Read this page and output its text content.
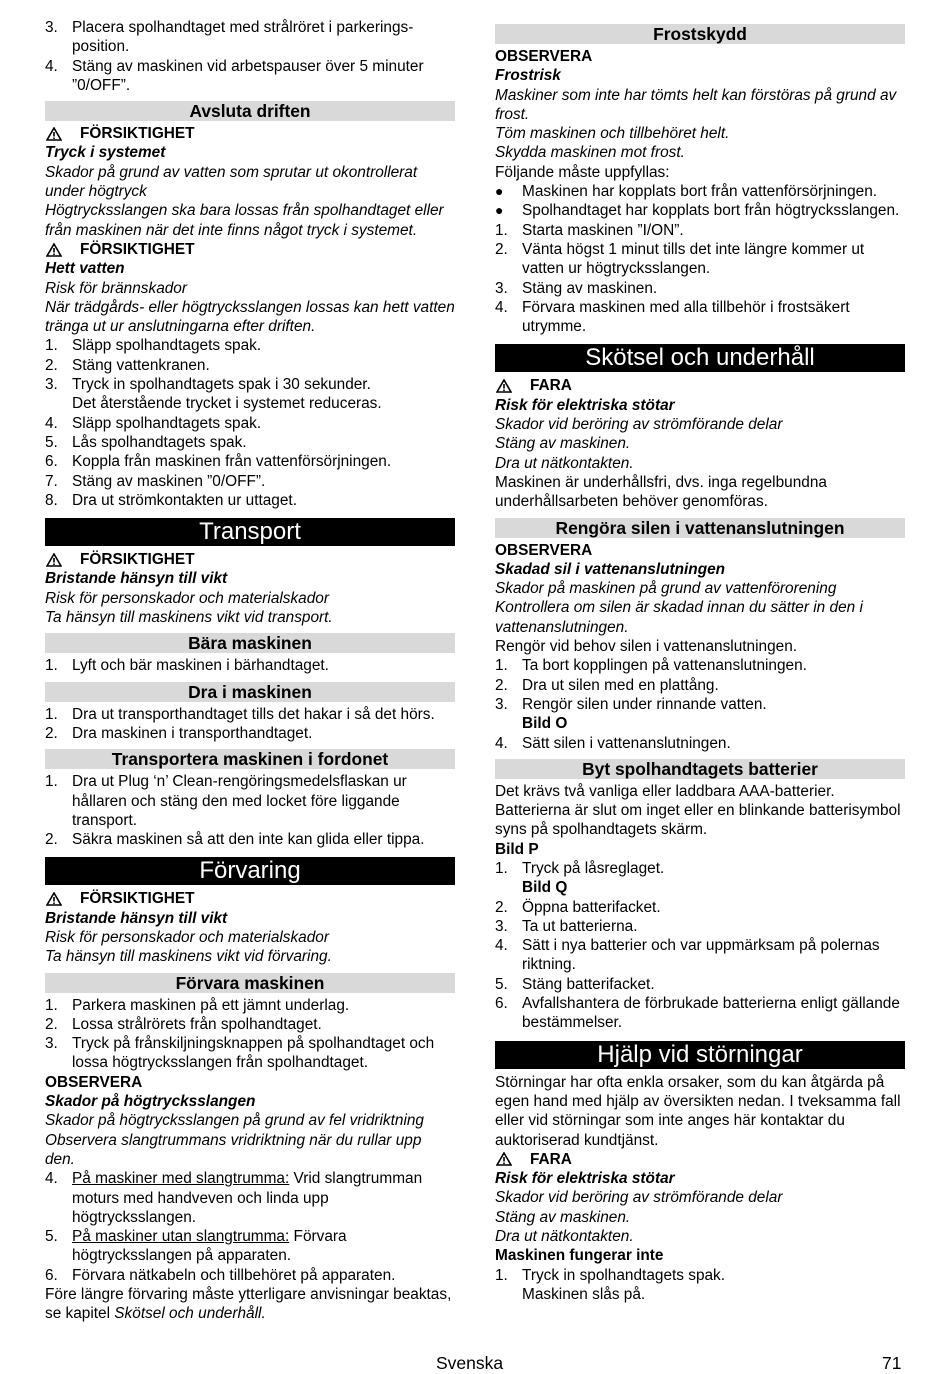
3. Placera spolhandtaget med strålröret i parkerings-position.
4. Stäng av maskinen vid arbetspauser över 5 minuter ”0/OFF”.
Avsluta driften
FÖRSIKTIGHET

Tryck i systemet

Skador på grund av vatten som sprutar ut okontrollerat under högtryck

Högtrycksslangen ska bara lossas från spolhandtaget eller från maskinen när det inte finns något tryck i systemet.

FÖRSIKTIGHET

Hett vatten

Risk för brännskador

När trädgårds- eller högtrycksslangen lossas kan hett vatten tränga ut ur anslutningarna efter driften.

1. Släpp spolhandtagets spak.
2. Stäng vattenkranen.
3. Tryck in spolhandtagets spak i 30 sekunder.

Det återstående trycket i systemet reduceras.

4. Släpp spolhandtagets spak.
5. Lås spolhandtagets spak.
6. Koppla från maskinen från vattenförsörjningen.
7. Stäng av maskinen ”0/OFF”.
8. Dra ut strömkontakten ur uttaget.
Transport
FÖRSIKTIGHET

Bristande hänsyn till vikt

Risk för personskador och materialskador

Ta hänsyn till maskinens vikt vid transport.

Bära maskinen
1. Lyft och bär maskinen i bärhandtaget.
Dra i maskinen
1. Dra ut transporthandtaget tills det hakar i så det hörs.
2. Dra maskinen i transporthandtaget.
Transportera maskinen i fordonet
1. Dra ut Plug ‘n’ Clean-rengöringsmedelsflaskan ur hållaren och stäng den med locket före liggande transport.
2. Säkra maskinen så att den inte kan glida eller tippa.
Förvaring
FÖRSIKTIGHET

Bristande hänsyn till vikt

Risk för personskador och materialskador

Ta hänsyn till maskinens vikt vid förvaring.

Förvara maskinen
1. Parkera maskinen på ett jämnt underlag.
2. Lossa strålrörets från spolhandtaget.
3. Tryck på frånskiljningsknappen på spolhandtaget och lossa högtrycksslangen från spolhandtaget.

OBSERVERA

Skador på högtrycksslangen

Skador på högtrycksslangen på grund av fel vridriktning

Observera slangtrummans vridriktning när du rullar upp den.

4. På maskiner med slangtrumma: Vrid slangtrumman moturs med handveven och linda upp högtrycksslangen.
5. På maskiner utan slangtrumma: Förvara högtrycksslangen på apparaten.
6. Förvara nätkabeln och tillbehöret på apparaten.

Före längre förvaring måste ytterligare anvisningar beaktas, se kapitel Skötsel och underhåll.

Frostskydd

OBSERVERA

Frostrisk

Maskiner som inte har tömts helt kan förstöras på grund av frost.

Töm maskinen och tillbehöret helt.

Skydda maskinen mot frost.

Följande måste uppfyllas:

●	Maskinen har kopplats bort från vattenförsörjningen.
●	Spolhandtaget har kopplats bort från högtrycksslangen.
1. Starta maskinen ”I/ON”.
2. Vänta högst 1 minut tills det inte längre kommer ut vatten ur högtrycksslangen.
3. Stäng av maskinen.
4. Förvara maskinen med alla tillbehör i frostsäkert utrymme.
Skötsel och underhåll
FARA

Risk för elektriska stötar

Skador vid beröring av strömförande delar

Stäng av maskinen.

Dra ut nätkontakten.

Maskinen är underhållsfri, dvs. inga regelbundna underhållsarbeten behöver genomföras.

Rengöra silen i vattenanslutningen

OBSERVERA

Skadad sil i vattenanslutningen

Skador på maskinen på grund av vattenförorening

Kontrollera om silen är skadad innan du sätter in den i vattenanslutningen.

Rengör vid behov silen i vattenanslutningen.

1. Ta bort kopplingen på vattenanslutningen.
2. Dra ut silen med en plattång.
3. Rengör silen under rinnande vatten.

Bild O

4. Sätt silen i vattenanslutningen.
Byt spolhandtagets batterier

Det krävs två vanliga eller laddbara AAA-batterier. Batterierna är slut om inget eller en blinkande batterisymbol syns på spolhandtagets skärm.

Bild P

1. Tryck på låsreglaget.

Bild Q

2. Öppna batterifacket.
3. Ta ut batterierna.
4. Sätt i nya batterier och var uppmärksam på polernas riktning.
5. Stäng batterifacket.
6. Avfallshantera de förbrukade batterierna enligt gällande bestämmelser.
Hjälp vid störningar

Störningar har ofta enkla orsaker, som du kan åtgärda på egen hand med hjälp av översikten nedan. I tveksamma fall eller vid störningar som inte anges här kontaktar du auktoriserad kundtjänst.

FARA

Risk för elektriska stötar

Skador vid beröring av strömförande delar

Stäng av maskinen.

Dra ut nätkontakten.

Maskinen fungerar inte

1. Tryck in spolhandtagets spak.

Maskinen slås på.

Svenska	71
